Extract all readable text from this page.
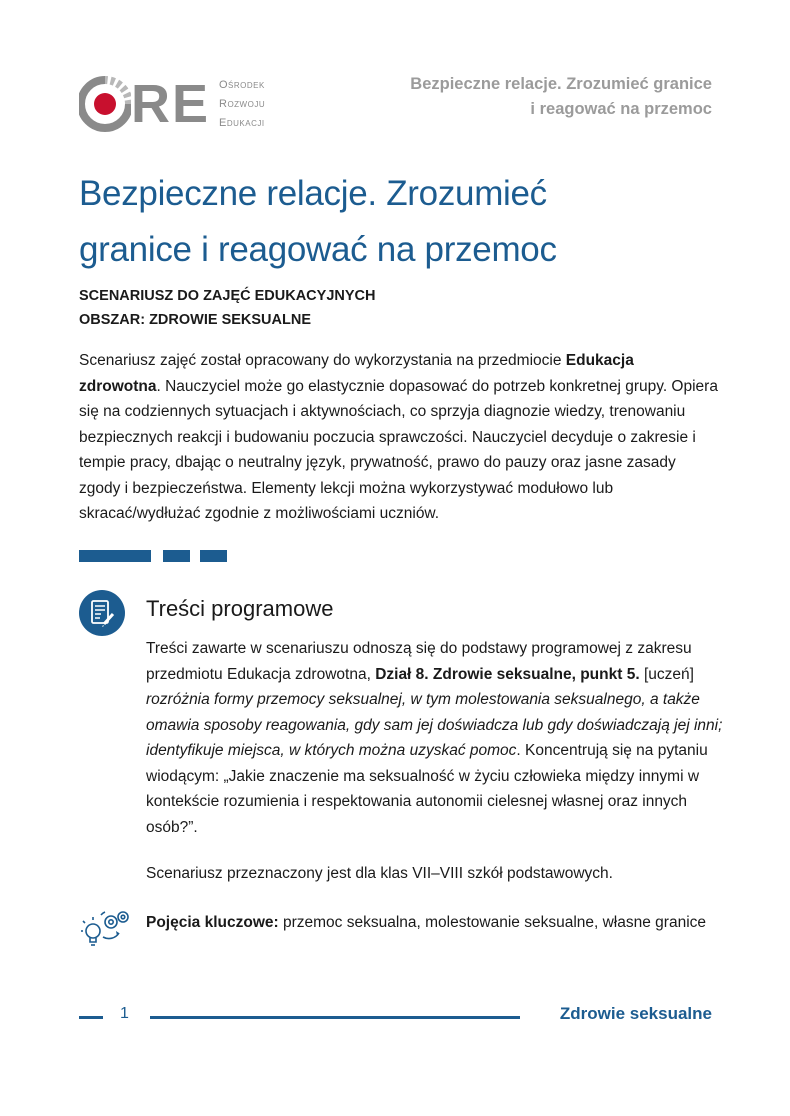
RE Ośrodek
Rozwoju
Edukacji
Bezpieczne relacje. Zrozumieć granice
i reagować na przemoc
Bezpieczne relacje. Zrozumieć
granice i reagować na przemoc
SCENARIUSZ DO ZAJĘĆ EDUKACYJNYCH
OBSZAR: ZDROWIE SEKSUALNE

Scenariusz zajęć został opracowany do wykorzystania na przedmiocie Edukacja zdrowotna. Nauczyciel może go elastycznie dopasować do potrzeb konkretnej grupy. Opiera się na codziennych sytuacjach i aktywnościach, co sprzyja diagnozie wiedzy, trenowaniu bezpiecznych reakcji i budowaniu poczucia sprawczości. Nauczyciel decyduje o zakresie i tempie pracy, dbając o neutralny język, prywatność, prawo do pauzy oraz jasne zasady zgody i bezpieczeństwa. Elementy lekcji można wykorzystywać modułowo lub skracać/wydłużać zgodnie z możliwościami uczniów.

Treści programowe

Treści zawarte w scenariuszu odnoszą się do podstawy programowej z zakresu przedmiotu Edukacja zdrowotna, Dział 8. Zdrowie seksualne, punkt 5. [uczeń] rozróżnia formy przemocy seksualnej, w tym molestowania seksualnego, a także omawia sposoby reagowania, gdy sam jej doświadcza lub gdy doświadczają jej inni; identyfikuje miejsca, w których można uzyskać pomoc. Koncentrują się na pytaniu wiodącym: „Jakie znaczenie ma seksualność w życiu człowieka między innymi w kontekście rozumienia i respektowania autonomii cielesnej własnej oraz innych osób?”.

Scenariusz przeznaczony jest dla klas VII–VIII szkół podstawowych.

Pojęcia kluczowe: przemoc seksualna, molestowanie seksualne, własne granice

1	Zdrowie seksualne
